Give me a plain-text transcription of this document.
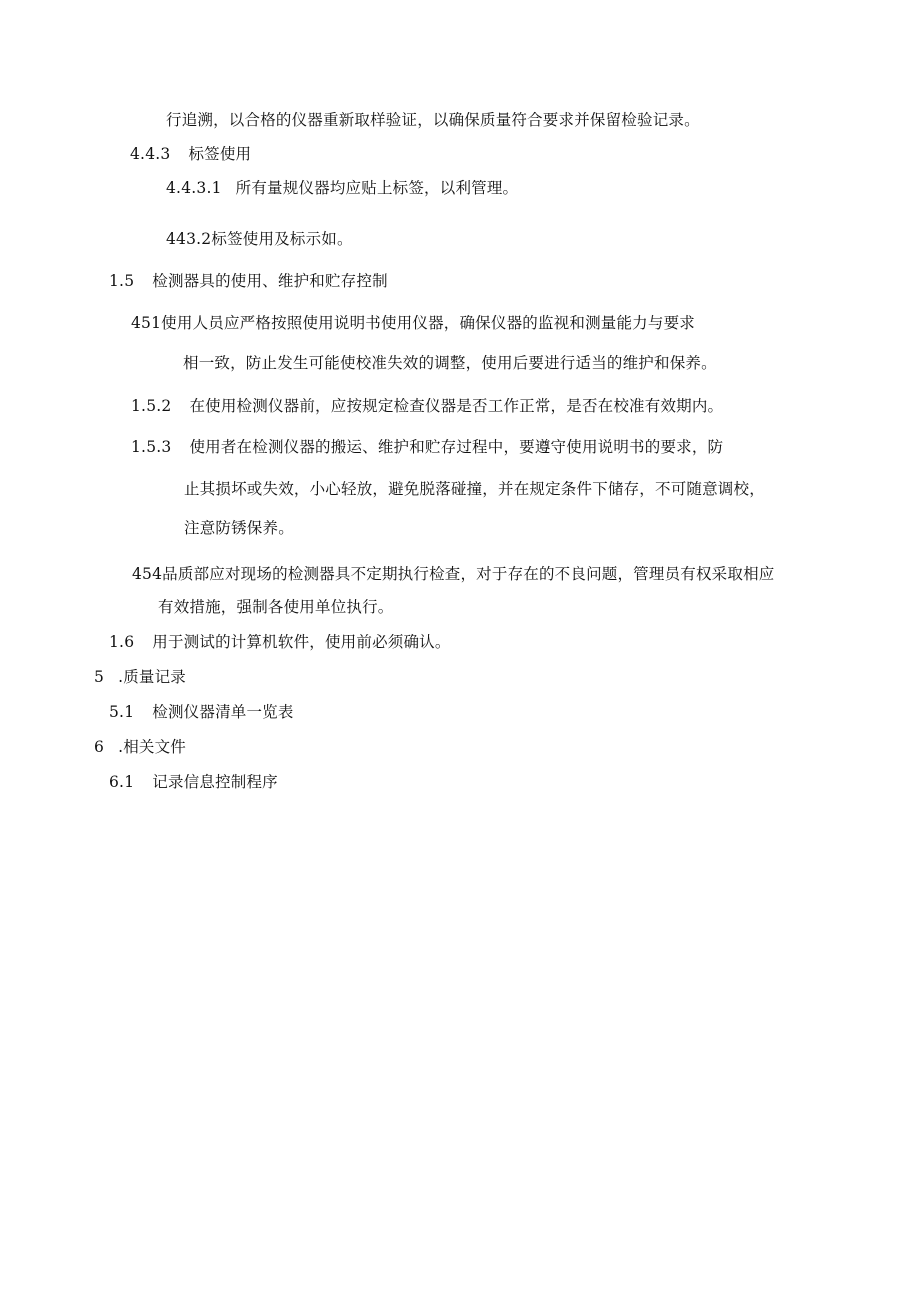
行追溯，以合格的仪器重新取样验证，以确保质量符合要求并保留检验记录。
4.4.3 标签使用
4.4.3.1 所有量规仪器均应贴上标签，以利管理。
443.2标签使用及标示如。
1.5 检测器具的使用、维护和贮存控制
451使用人员应严格按照使用说明书使用仪器，确保仪器的监视和测量能力与要求
相一致，防止发生可能使校准失效的调整，使用后要进行适当的维护和保养。
1.5.2 在使用检测仪器前，应按规定检查仪器是否工作正常，是否在校准有效期内。
1.5.3 使用者在检测仪器的搬运、维护和贮存过程中，要遵守使用说明书的要求，防
止其损坏或失效，小心轻放，避免脱落碰撞，并在规定条件下储存，不可随意调校，
注意防锈保养。
454品质部应对现场的检测器具不定期执行检查，对于存在的不良问题，管理员有权采取相应
有效措施，强制各使用单位执行。
1.6 用于测试的计算机软件，使用前必须确认。
5 .质量记录
5.1 检测仪器清单一览表
6 .相关文件
6.1 记录信息控制程序
